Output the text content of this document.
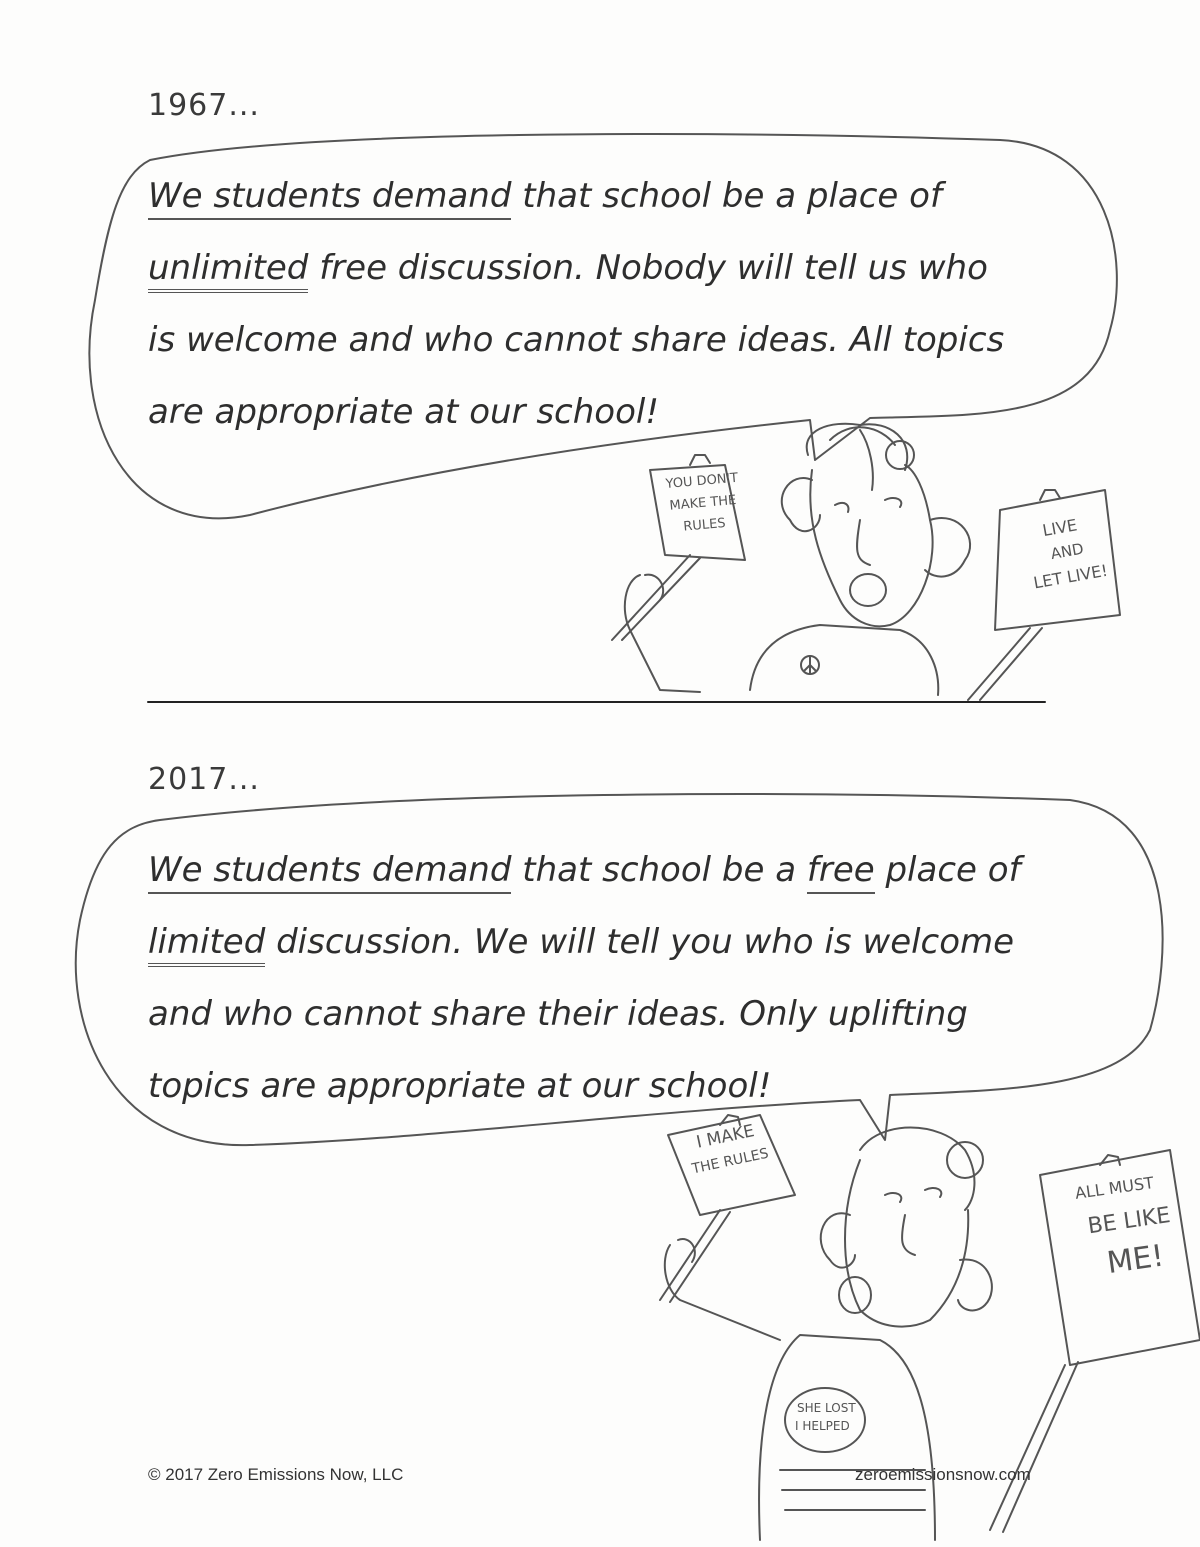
YOU DON'T
MAKE THE
RULES	LIVE
AND
LET LIVE!
I MAKE
THE RULES
ALL MUST
BE LIKE
ME!
SHE LOST
I HELPED
1967...
We students demand that school be a place of
unlimited free discussion. Nobody will tell us who
is welcome and who cannot share ideas. All topics
are appropriate at our school!
2017...
We students demand that school be a free place of
limited discussion. We will tell you who is welcome
and who cannot share their ideas. Only uplifting
topics are appropriate at our school!
© 2017 Zero Emissions Now, LLC	zeroemissionsnow.com
